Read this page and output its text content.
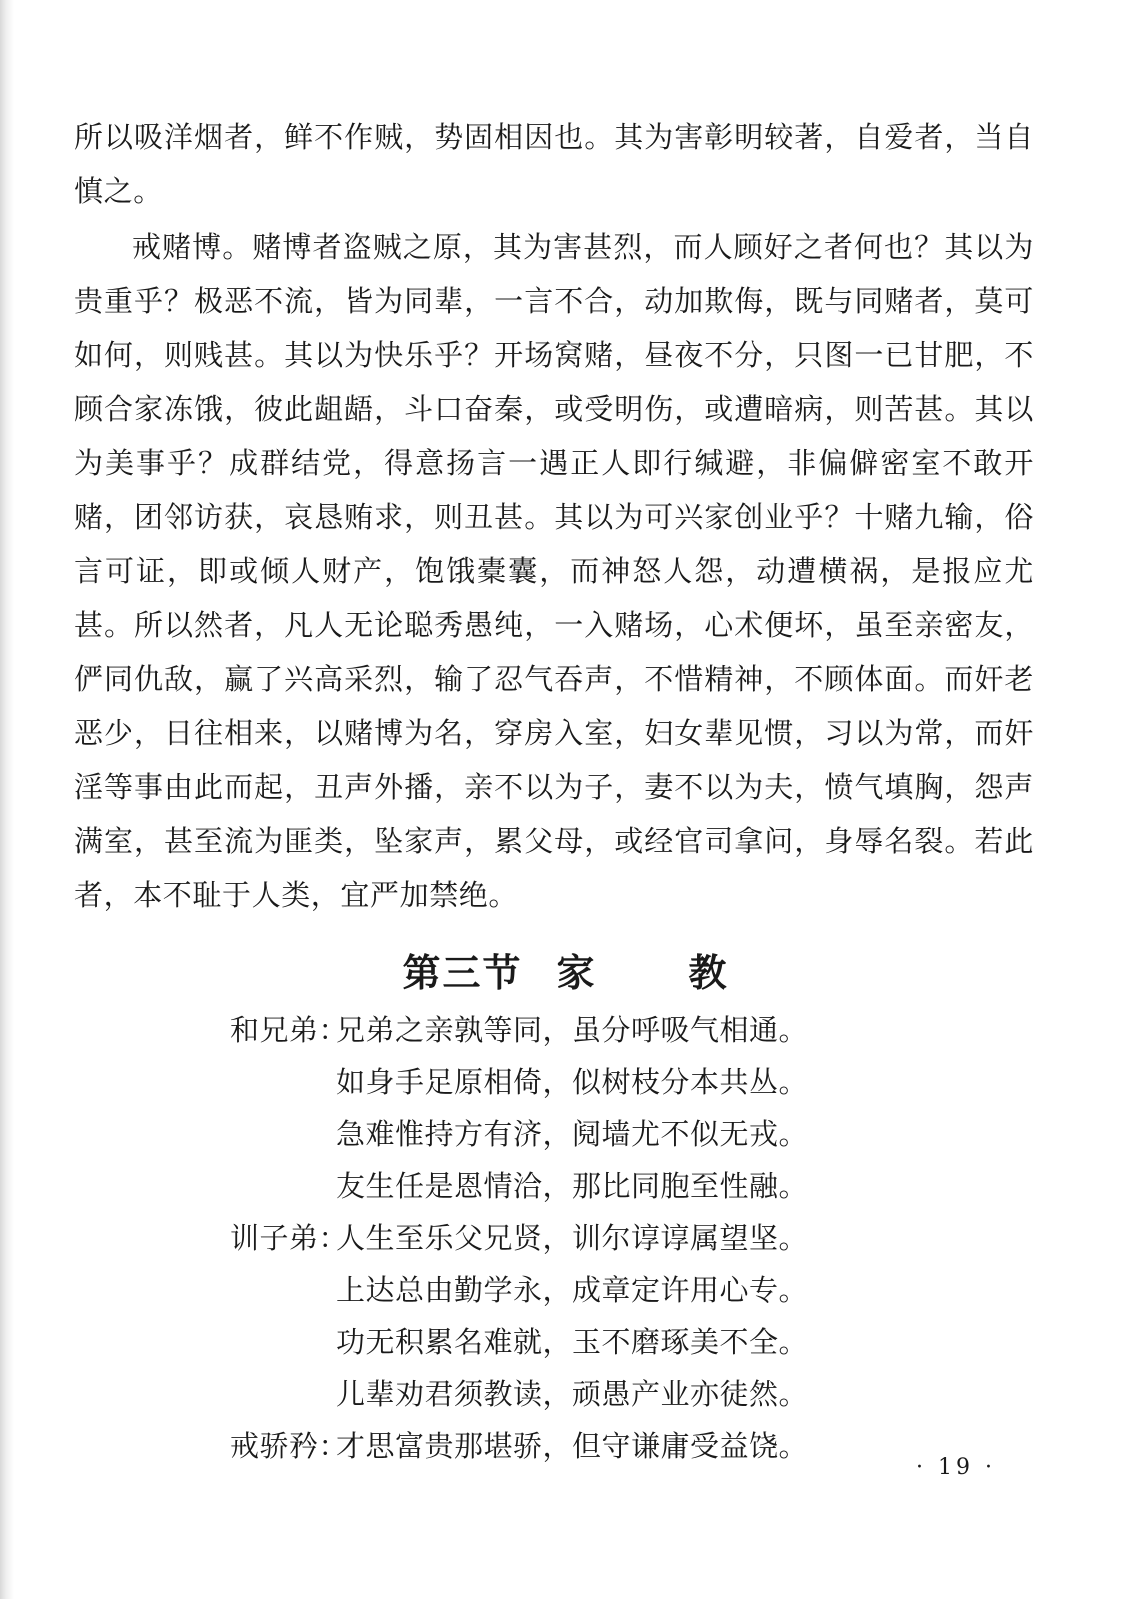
所以吸洋烟者，鲜不作贼，势固相因也。其为害彰明较著，自爱者，当自慎之。

戒赌博。赌博者盗贼之原，其为害甚烈，而人顾好之者何也？其以为贵重乎？极恶不流，皆为同辈，一言不合，动加欺侮，既与同赌者，莫可如何，则贱甚。其以为快乐乎？开场窝赌，昼夜不分，只图一已甘肥，不顾合家冻饿，彼此龃龉，斗口奋秦，或受明伤，或遭暗病，则苦甚。其以为美事乎？成群结党，得意扬言一遇正人即行缄避，非偏僻密室不敢开赌，团邻访获，哀恳贿求，则丑甚。其以为可兴家创业乎？十赌九输，俗言可证，即或倾人财产，饱饿橐囊，而神怒人怨，动遭横祸，是报应尤甚。所以然者，凡人无论聪秀愚纯，一入赌场，心术便坏，虽至亲密友，俨同仇敌，赢了兴高采烈，输了忍气吞声，不惜精神，不顾体面。而奸老恶少，日往相来，以赌博为名，穿房入室，妇女辈见惯，习以为常，而奸淫等事由此而起，丑声外播，亲不以为子，妻不以为夫，愤气填胸，怨声满室，甚至流为匪类，坠家声，累父母，或经官司拿问，身辱名裂。若此者，本不耻于人类，宜严加禁绝。

第三节 家 教
和兄弟：兄弟之亲孰等同，虽分呼吸气相通。
如身手足原相倚，似树枝分本共丛。
急难惟持方有济，阋墙尤不似无戎。
友生任是恩情洽，那比同胞至性融。
训子弟：人生至乐父兄贤，训尔谆谆属望坚。
上达总由勤学永，成章定许用心专。
功无积累名难就，玉不磨琢美不全。
儿辈劝君须教读，顽愚产业亦徒然。
戒骄矜：才思富贵那堪骄，但守谦庸受益饶。
· 19 ·
